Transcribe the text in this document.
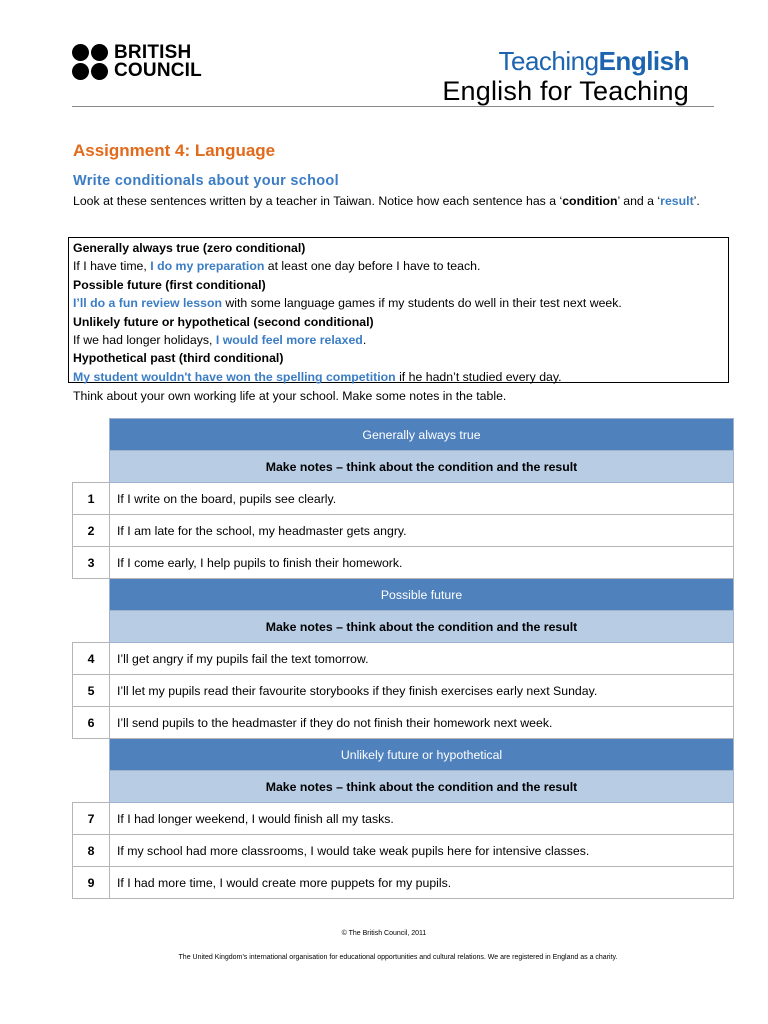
BRITISH
COUNCIL	TeachingEnglish
English for Teaching
Assignment 4: Language
Write conditionals about your school
Look at these sentences written by a teacher in Taiwan. Notice how each sentence has a ‘condition’ and a ‘result’.
Generally always true (zero conditional)
If I have time, I do my preparation at least one day before I have to teach.
Possible future (first conditional)
I’ll do a fun review lesson with some language games if my students do well in their test next week.
Unlikely future or hypothetical (second conditional)
If we had longer holidays, I would feel more relaxed.
Hypothetical past (third conditional)
My student wouldn't have won the spelling competition if he hadn’t studied every day.
Think about your own working life at your school. Make some notes in the table.
	Generally always true
	Make notes – think about the condition and the result
1	If I write on the board, pupils see clearly.
2	If I am late for the school, my headmaster gets angry.
3	If I come early, I help pupils to finish their homework.
	Possible future
	Make notes – think about the condition and the result
4	I’ll get angry if my pupils fail the text tomorrow.
5	I’ll let my pupils read their favourite storybooks if they finish exercises early next Sunday.
6	I’ll send pupils to the headmaster if they do not finish their homework next week.
	Unlikely future or hypothetical
	Make notes – think about the condition and the result
7	If I had longer weekend, I would finish all my tasks.
8	If my school had more classrooms, I would take weak pupils here for intensive classes.
9	If I had more time, I would create more puppets for my pupils.
© The British Council, 2011
The United Kingdom’s international organisation for educational opportunities and cultural relations. We are registered in England as a charity.
